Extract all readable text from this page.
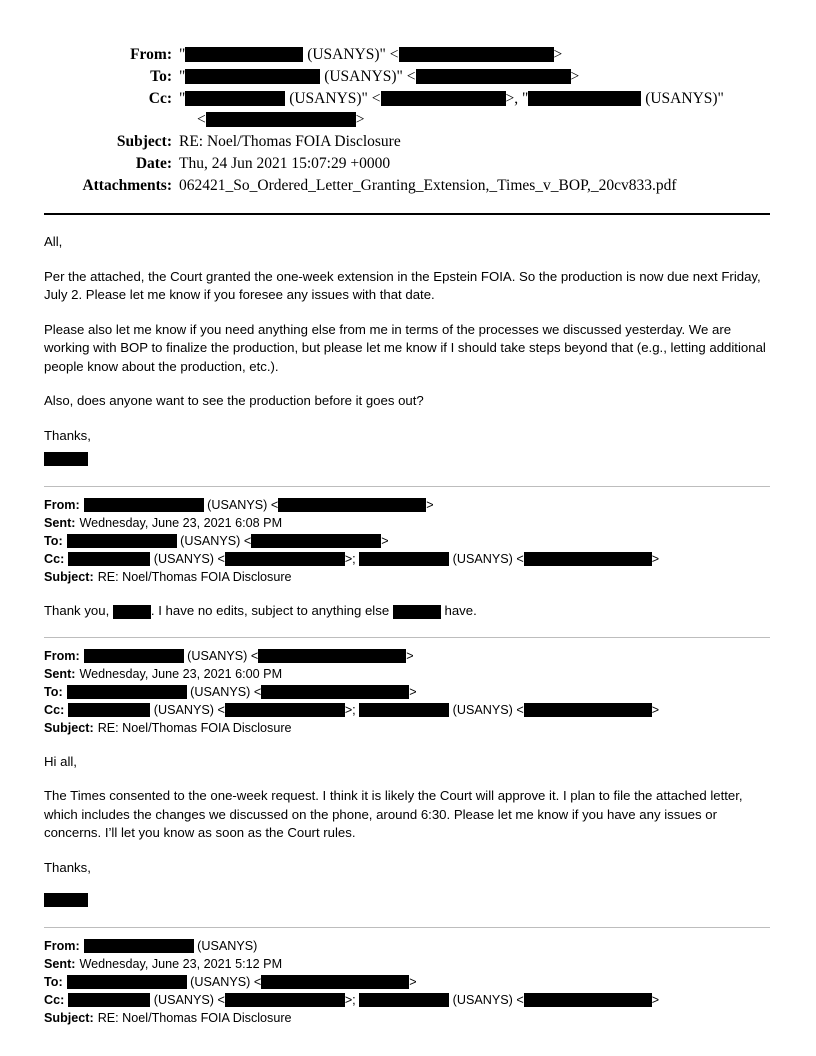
From: "	(USANYS)" <	>
To: "	(USANYS)" <	>
Cc: "	(USANYS)" <	>, "	(USANYS)"
<	>
Subject: RE: Noel/Thomas FOIA Disclosure
Date: Thu, 24 Jun 2021 15:07:29 +0000
Attachments: 062421_So_Ordered_Letter_Granting_Extension,_Times_v_BOP,_20cv833.pdf

All,

Per the attached, the Court granted the one-week extension in the Epstein FOIA. So the production is now due next Friday, July 2. Please let me know if you foresee any issues with that date.

Please also let me know if you need anything else from me in terms of the processes we discussed yesterday. We are working with BOP to finalize the production, but please let me know if I should take steps beyond that (e.g., letting additional people know about the production, etc.).

Also, does anyone want to see the production before it goes out?

Thanks,

From:	(USANYS) <	>
Sent: Wednesday, June 23, 2021 6:08 PM
To:	(USANYS) <	>
Cc:	(USANYS) <	>;	(USANYS) <	>
Subject: RE: Noel/Thomas FOIA Disclosure

Thank you,	. I have no edits, subject to anything else	have.

From:	(USANYS) <	>
Sent: Wednesday, June 23, 2021 6:00 PM
To:	(USANYS) <	>
Cc:	(USANYS) <	>;	(USANYS) <	>
Subject: RE: Noel/Thomas FOIA Disclosure

Hi all,

The Times consented to the one-week request. I think it is likely the Court will approve it. I plan to file the attached letter, which includes the changes we discussed on the phone, around 6:30. Please let me know if you have any issues or concerns. I’ll let you know as soon as the Court rules.

Thanks,

From:	(USANYS)
Sent: Wednesday, June 23, 2021 5:12 PM
To:	(USANYS) <	>
Cc:	(USANYS) <	>;	(USANYS) <	>
Subject: RE: Noel/Thomas FOIA Disclosure
